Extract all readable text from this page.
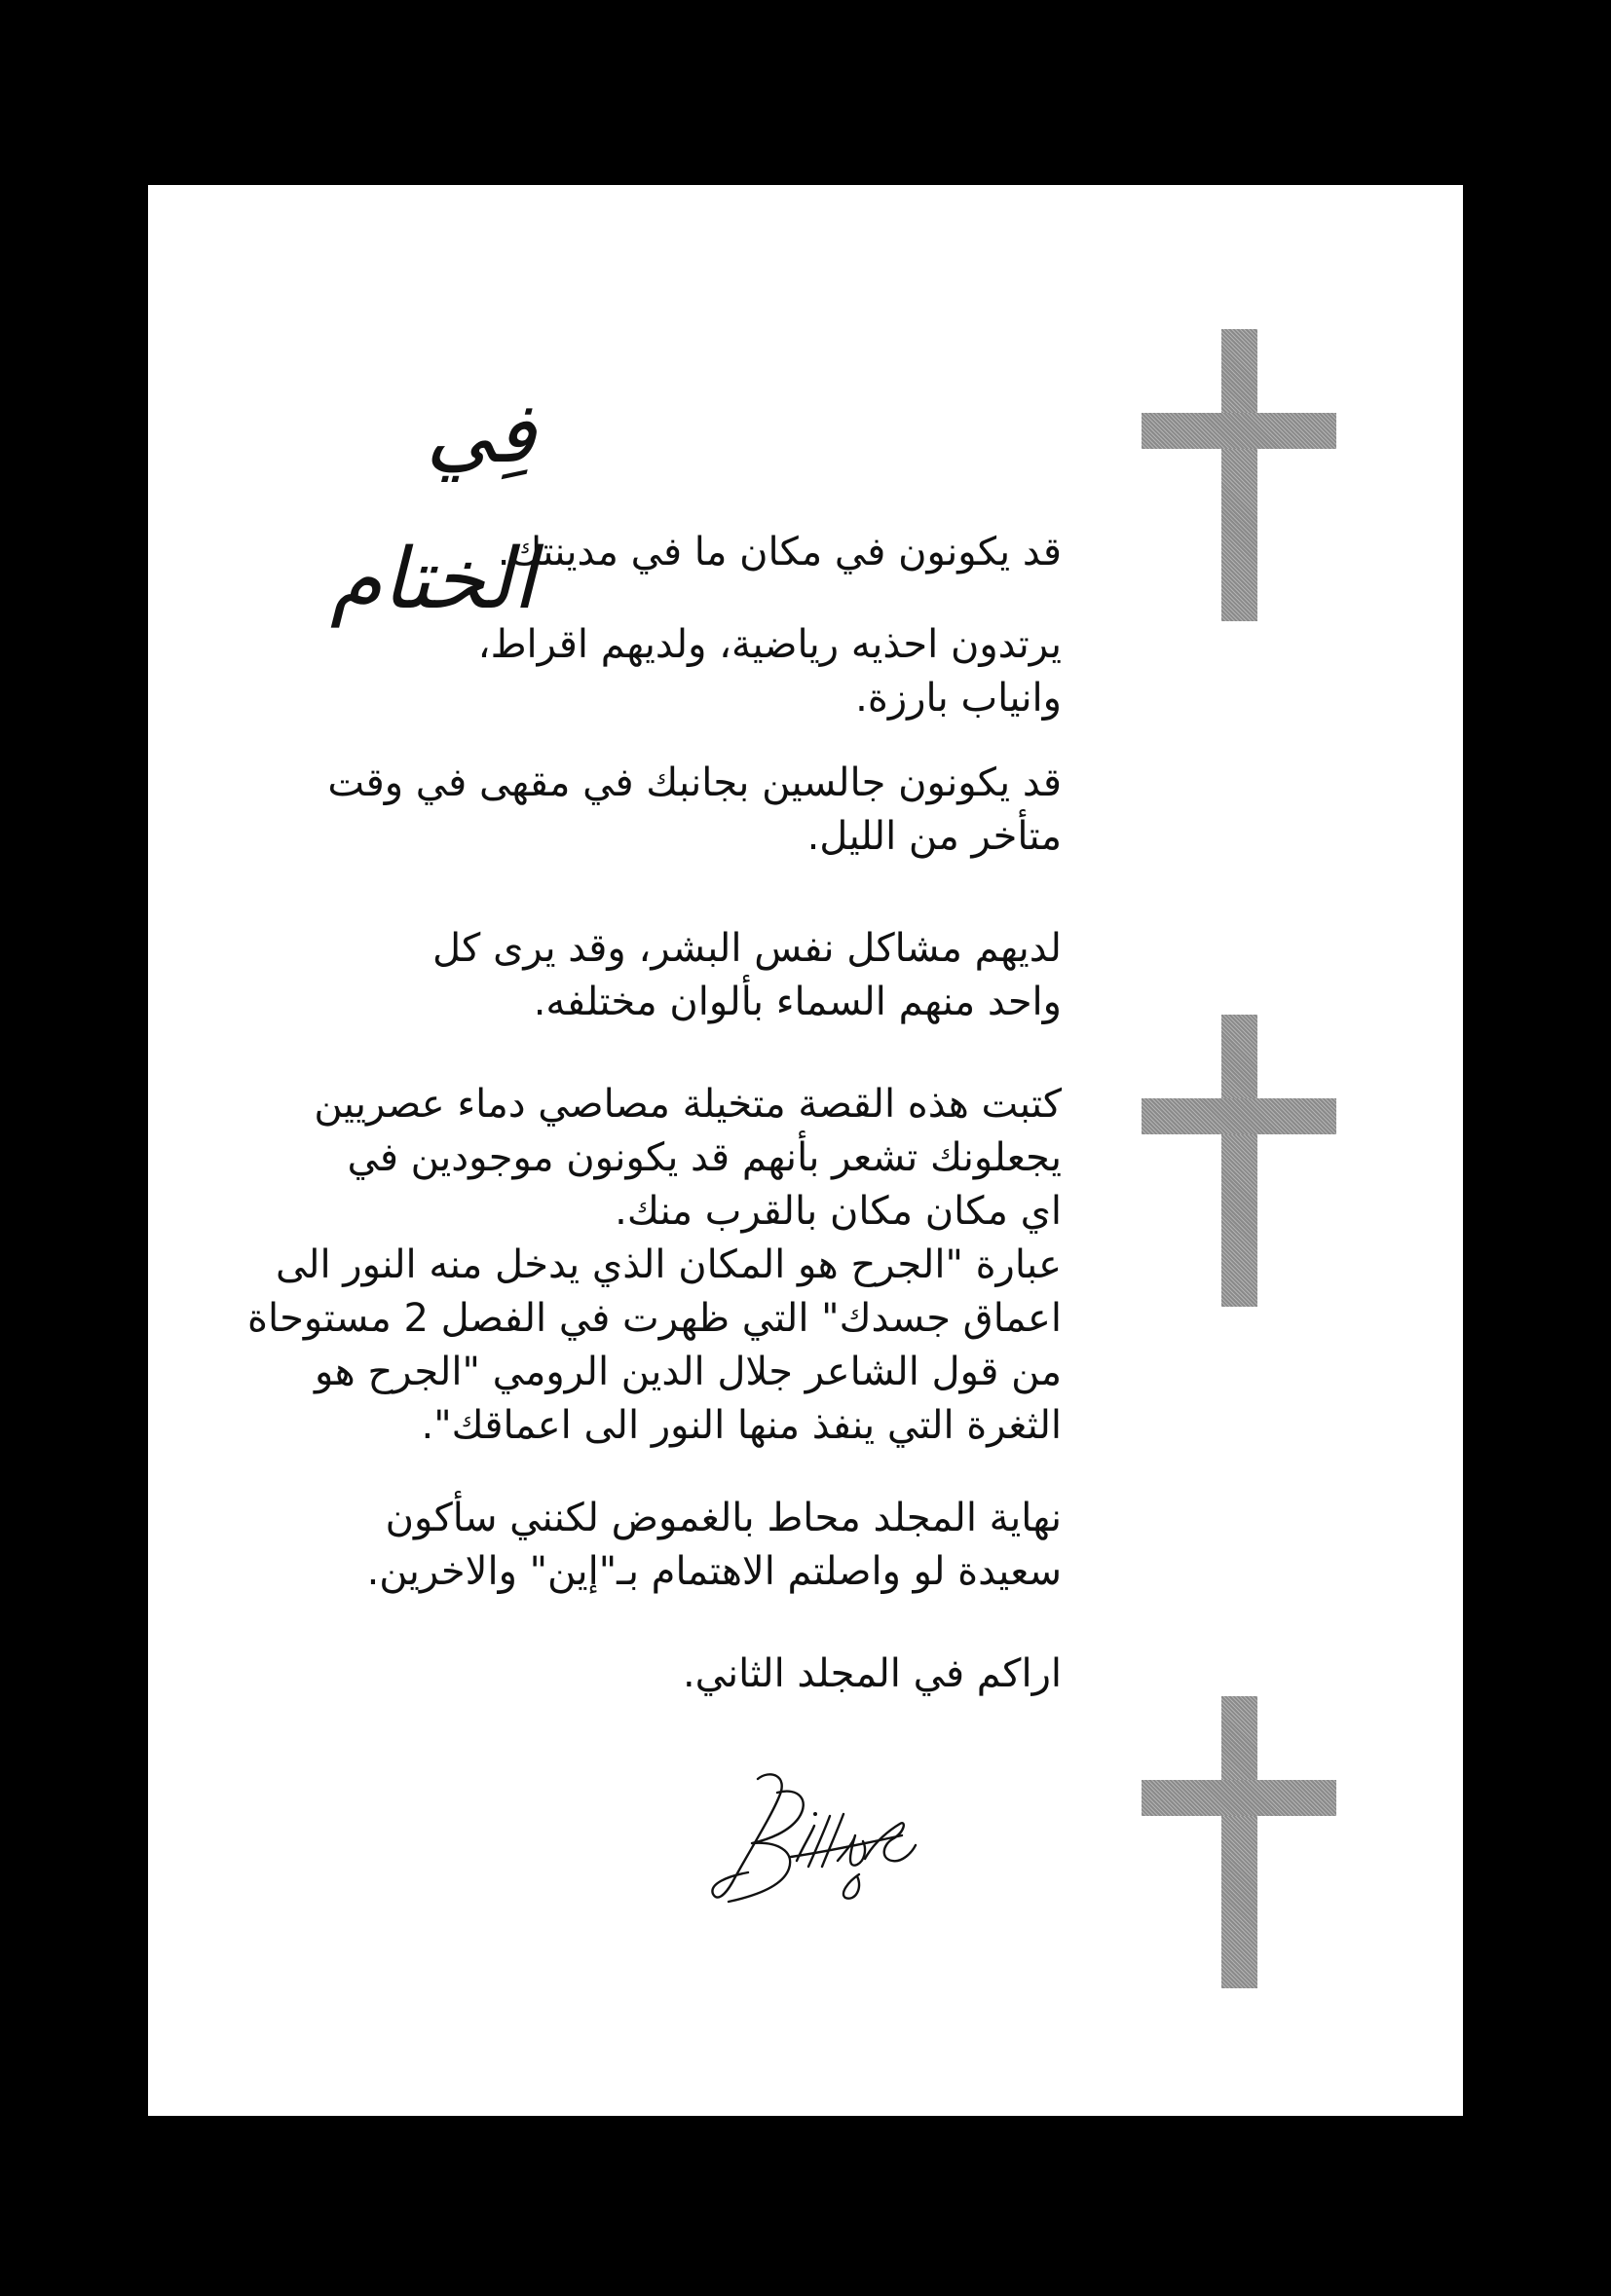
فِي الختام

قد يكونون في مكان ما في مدينتك.

يرتدون احذيه رياضية، ولديهم اقراط،
وانياب بارزة.

قد يكونون جالسين بجانبك في مقهى في وقت
متأخر من الليل.

لديهم مشاكل نفس البشر، وقد يرى كل
واحد منهم السماء بألوان مختلفه.

كتبت هذه القصة متخيلة مصاصي دماء عصريين
يجعلونك تشعر بأنهم قد يكونون موجودين في
اي مكان مكان بالقرب منك.

عبارة "الجرح هو المكان الذي يدخل منه النور الى
اعماق جسدك" التي ظهرت في الفصل 2 مستوحاة
من قول الشاعر جلال الدين الرومي "الجرح هو
الثغرة التي ينفذ منها النور الى اعماقك".

نهاية المجلد محاط بالغموض لكنني سأكون
سعيدة لو واصلتم الاهتمام بـ"إين" والاخرين.

اراكم في المجلد الثاني.
